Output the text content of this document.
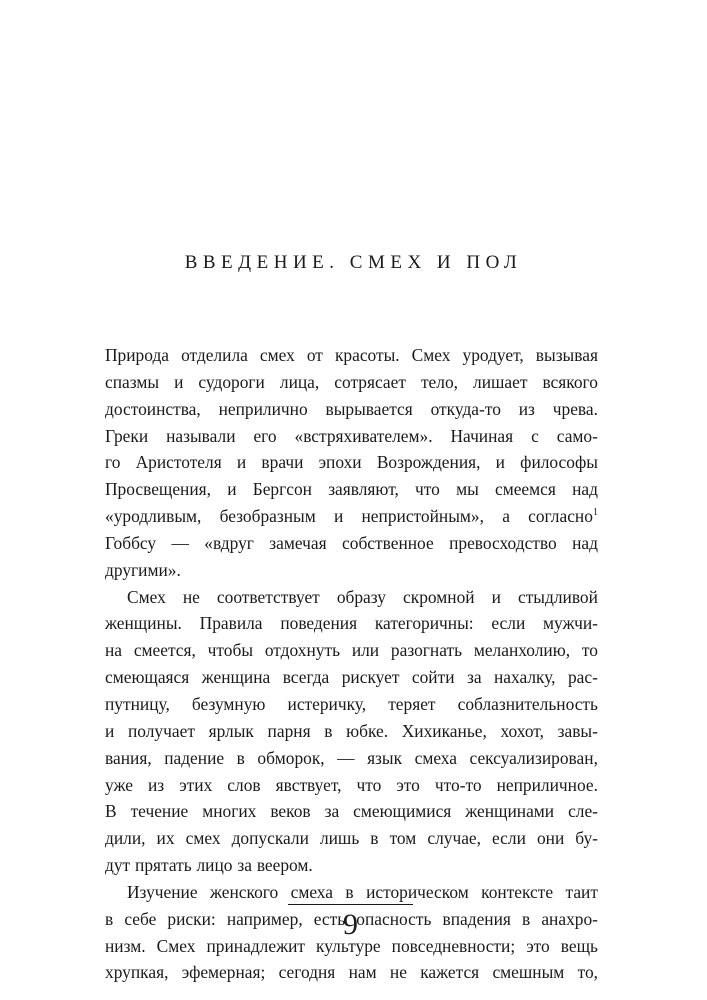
ВВЕДЕНИЕ. СМЕХ И ПОЛ
Природа отделила смех от красоты. Смех уродует, вызывая
спазмы и судороги лица, сотрясает тело, лишает всякого
достоинства, неприлично вырывается откуда-то из чрева.
Греки называли его «встряхивателем». Начиная с само-
го Аристотеля и врачи эпохи Возрождения, и философы
Просвещения, и Бергсон заявляют, что мы смеемся над
«уродливым, безобразным и непристойным», а согласно$^1$
Гоббсу — «вдруг замечая собственное превосходство над
другими».
Смех не соответствует образу скромной и стыдливой
женщины. Правила поведения категоричны: если мужчи-
на смеется, чтобы отдохнуть или разогнать меланхолию, то
смеющаяся женщина всегда рискует сойти за нахалку, рас-
путницу, безумную истеричку, теряет соблазнительность
и получает ярлык парня в юбке. Хихиканье, хохот, завы-
вания, падение в обморок, — язык смеха сексуализирован,
уже из этих слов явствует, что это что-то неприличное.
В течение многих веков за смеющимися женщинами сле-
дили, их смех допускали лишь в том случае, если они бу-
дут прятать лицо за веером.
Изучение женского смеха в историческом контексте таит
в себе риски: например, есть опасность впадения в анахро-
низм. Смех принадлежит культуре повседневности; это вещь
хрупкая, эфемерная; сегодня нам не кажется смешным то,
9
